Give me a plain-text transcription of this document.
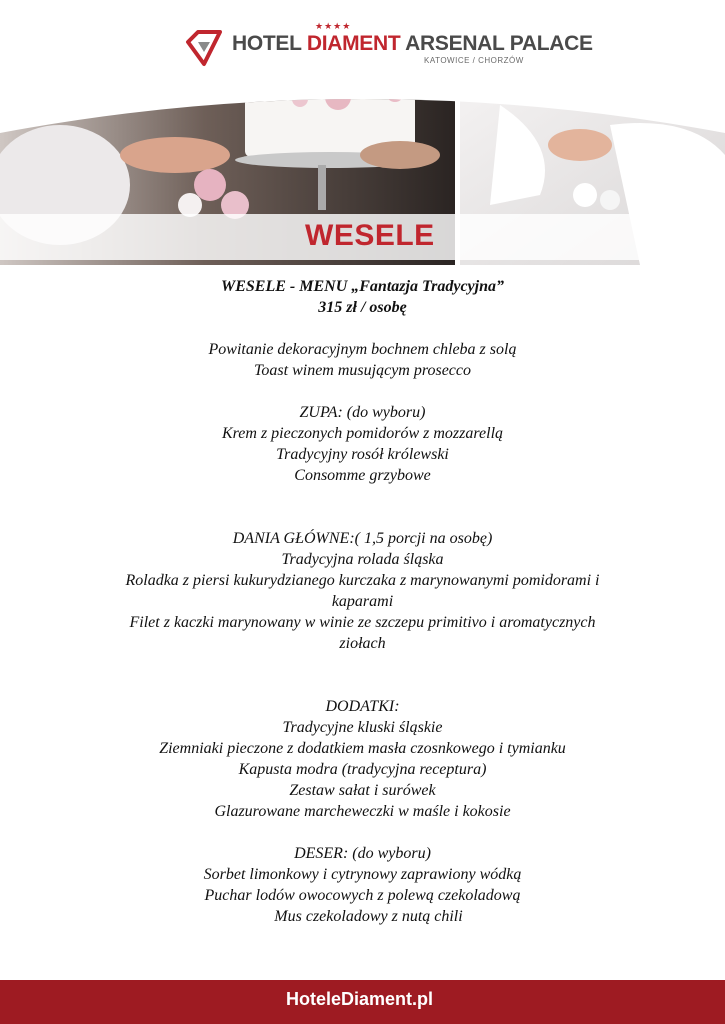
★★★★
HOTEL DIAMENT ARSENAL PALACE
KATOWICE / CHORZÓW
WESELE
WESELE - MENU „Fantazja Tradycyjna”
315 zł / osobę
Powitanie dekoracyjnym bochnem chleba z solą
Toast winem musującym prosecco
ZUPA: (do wyboru)
Krem z pieczonych pomidorów z mozzarellą
Tradycyjny rosół królewski
Consomme grzybowe
DANIA GŁÓWNE:( 1,5 porcji na osobę)
Tradycyjna rolada śląska
Roladka z piersi kukurydzianego kurczaka z marynowanymi pomidorami i
kaparami
Filet z kaczki marynowany w winie ze szczepu primitivo i aromatycznych
ziołach
DODATKI:
Tradycyjne kluski śląskie
Ziemniaki pieczone z dodatkiem masła czosnkowego i tymianku
Kapusta modra (tradycyjna receptura)
Zestaw sałat i surówek
Glazurowane marcheweczki w maśle i kokosie
DESER: (do wyboru)
Sorbet limonkowy i cytrynowy zaprawiony wódką
Puchar lodów owocowych z polewą czekoladową
Mus czekoladowy z nutą chili
HoteleDiament.pl
